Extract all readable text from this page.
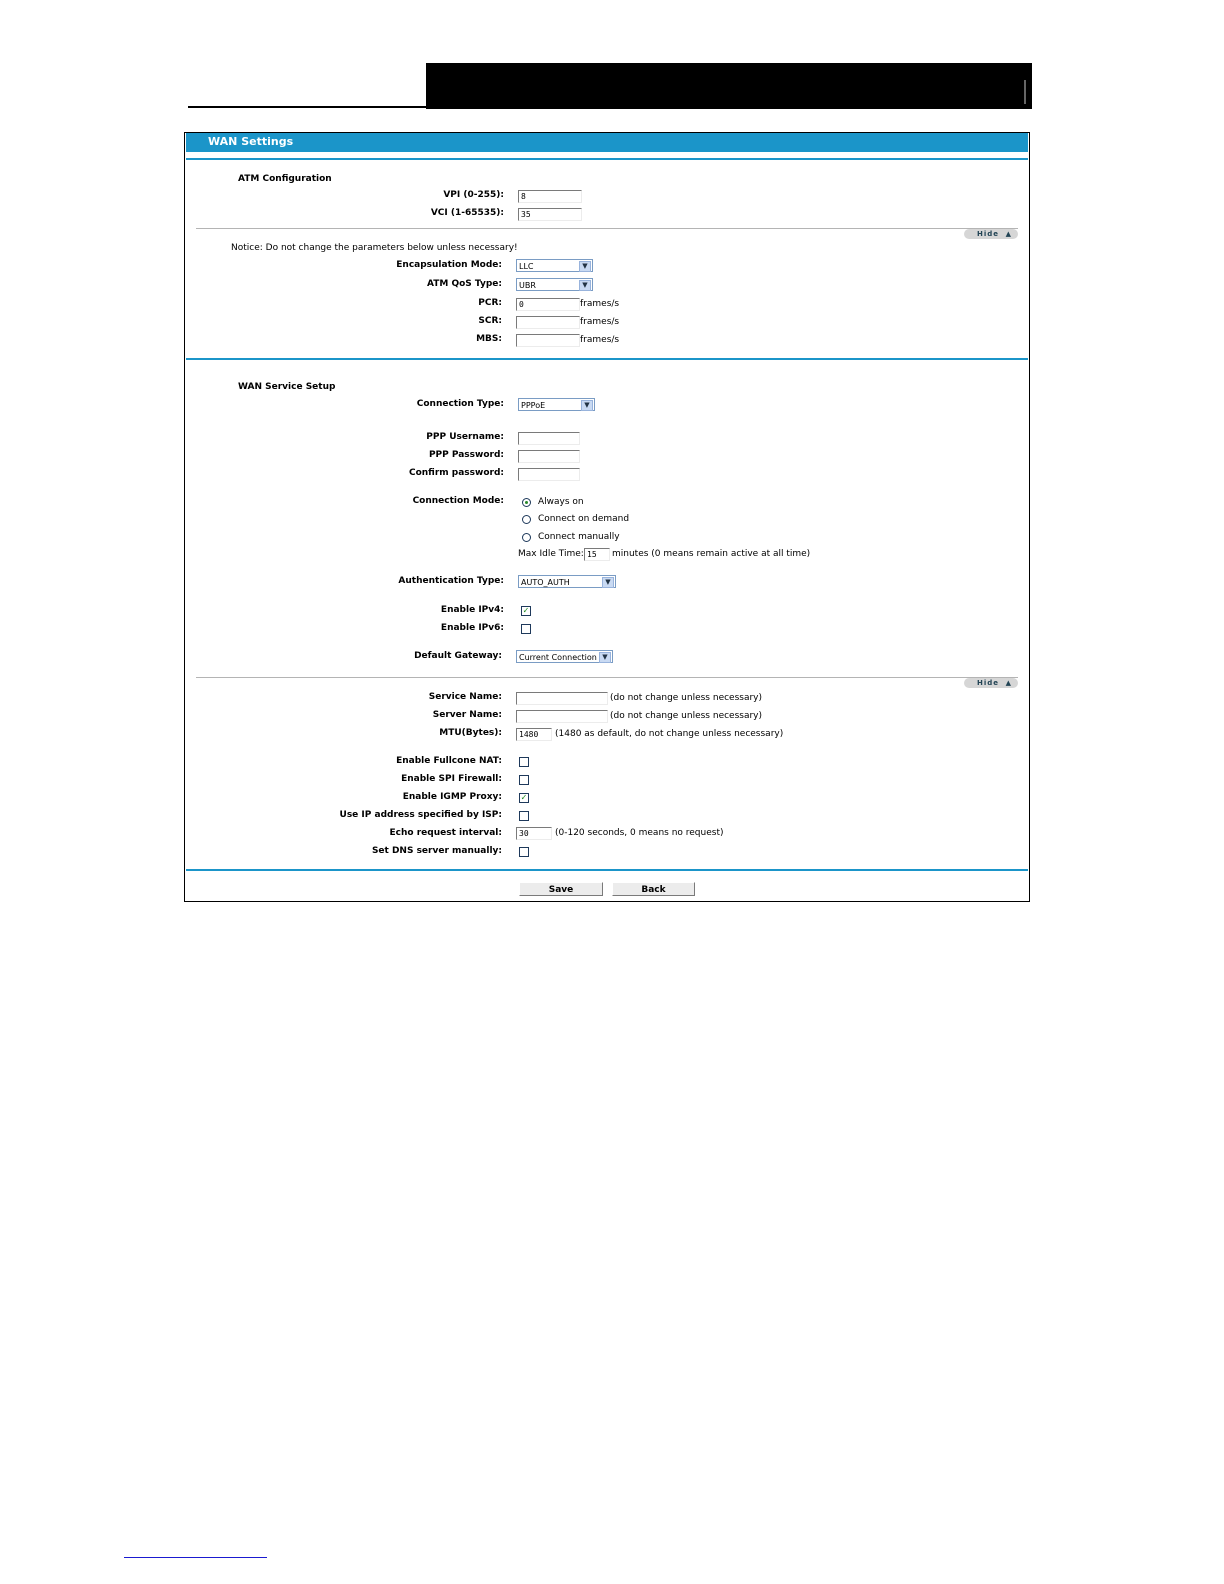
WAN Settings
ATM Configuration
VPI (0-255):	8
VCI (1-65535):	35
Hide ▲
Notice: Do not change the parameters below unless necessary!
Encapsulation Mode:	LLC	▼
ATM QoS Type:	UBR	▼
PCR:	0	frames/s
SCR:	frames/s
MBS:	frames/s
WAN Service Setup
Connection Type:	PPPoE	▼
PPP Username:
PPP Password:
Confirm password:
Connection Mode:	Always on
Connect on demand
Connect manually
Max Idle Time: 15	minutes (0 means remain active at all time)
Authentication Type:	AUTO_AUTH	▼
Enable IPv4: ✓
Enable IPv6:
Default Gateway:	Current Connection ▼
Hide ▲
Service Name:	(do not change unless necessary)
Server Name:	(do not change unless necessary)
MTU(Bytes):	1480	(1480 as default, do not change unless necessary)
Enable Fullcone NAT:
Enable SPI Firewall:
Enable IGMP Proxy: ✓
Use IP address specified by ISP:
Echo request interval:	30	(0-120 seconds, 0 means no request)
Set DNS server manually:
Save	Back
